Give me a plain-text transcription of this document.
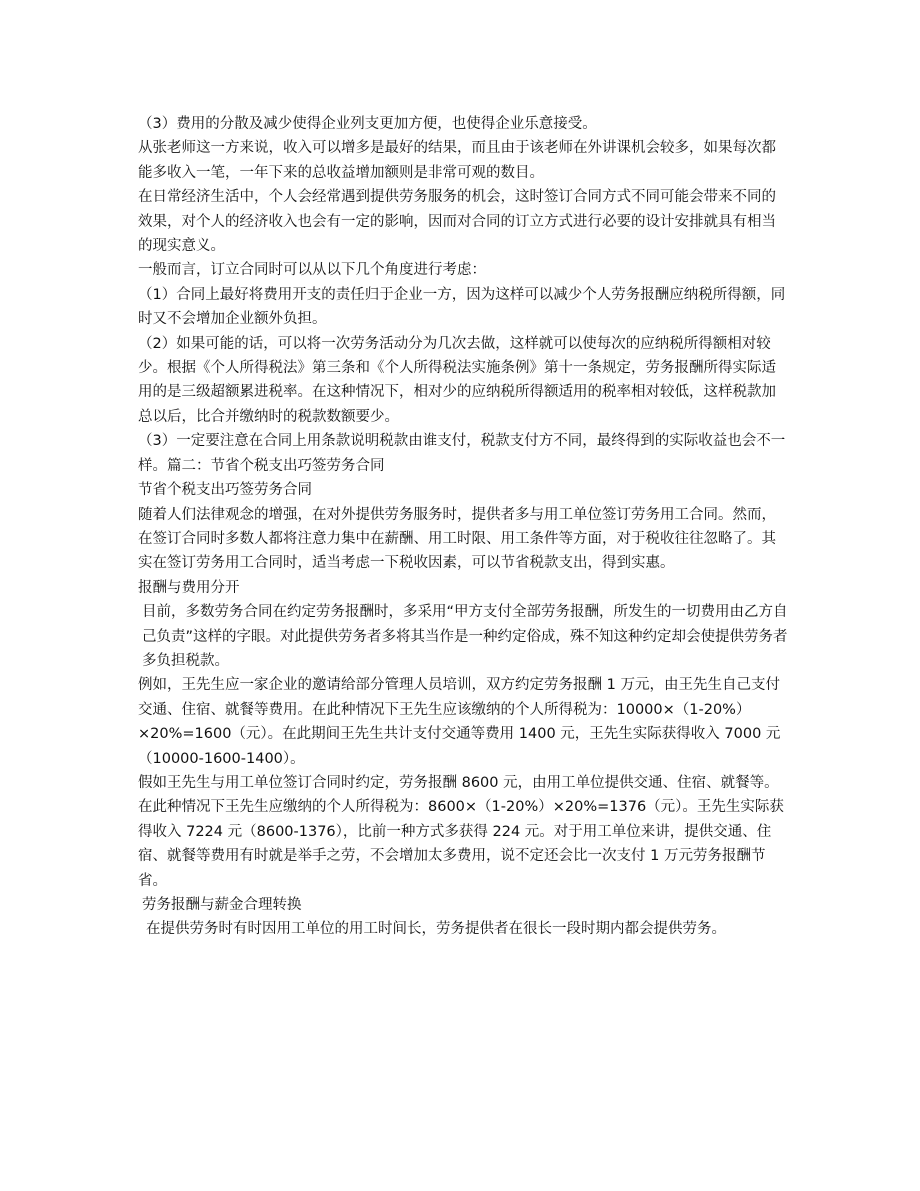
（3）费用的分散及减少使得企业列支更加方便，也使得企业乐意接受。

从张老师这一方来说，收入可以增多是最好的结果，而且由于该老师在外讲课机会较多，如果每次都能多收入一笔，一年下来的总收益增加额则是非常可观的数目。

在日常经济生活中，个人会经常遇到提供劳务服务的机会，这时签订合同方式不同可能会带来不同的效果，对个人的经济收入也会有一定的影响，因而对合同的订立方式进行必要的设计安排就具有相当的现实意义。

一般而言，订立合同时可以从以下几个角度进行考虑：

（1）合同上最好将费用开支的责任归于企业一方，因为这样可以减少个人劳务报酬应纳税所得额，同时又不会增加企业额外负担。

（2）如果可能的话，可以将一次劳务活动分为几次去做，这样就可以使每次的应纳税所得额相对较少。根据《个人所得税法》第三条和《个人所得税法实施条例》第十一条规定，劳务报酬所得实际适用的是三级超额累进税率。在这种情况下，相对少的应纳税所得额适用的税率相对较低，这样税款加总以后，比合并缴纳时的税款数额要少。

（3）一定要注意在合同上用条款说明税款由谁支付，税款支付方不同，最终得到的实际收益也会不一样。篇二：节省个税支出巧签劳务合同

节省个税支出巧签劳务合同

随着人们法律观念的增强，在对外提供劳务服务时，提供者多与用工单位签订劳务用工合同。然而，在签订合同时多数人都将注意力集中在薪酬、用工时限、用工条件等方面，对于税收往往忽略了。其实在签订劳务用工合同时，适当考虑一下税收因素，可以节省税款支出，得到实惠。

报酬与费用分开

目前，多数劳务合同在约定劳务报酬时，多采用“甲方支付全部劳务报酬，所发生的一切费用由乙方自己负责”这样的字眼。对此提供劳务者多将其当作是一种约定俗成，殊不知这种约定却会使提供劳务者多负担税款。

例如，王先生应一家企业的邀请给部分管理人员培训，双方约定劳务报酬 1 万元，由王先生自己支付交通、住宿、就餐等费用。在此种情况下王先生应该缴纳的个人所得税为：10000×（1-20%）×20%=1600（元）。在此期间王先生共计支付交通等费用 1400 元，王先生实际获得收入 7000 元（10000-1600-1400）。

假如王先生与用工单位签订合同时约定，劳务报酬 8600 元，由用工单位提供交通、住宿、就餐等。在此种情况下王先生应缴纳的个人所得税为：8600×（1-20%）×20%=1376（元）。王先生实际获得收入 7224 元（8600-1376），比前一种方式多获得 224 元。对于用工单位来讲，提供交通、住宿、就餐等费用有时就是举手之劳，不会增加太多费用，说不定还会比一次支付 1 万元劳务报酬节省。

劳务报酬与薪金合理转换

在提供劳务时有时因用工单位的用工时间长，劳务提供者在很长一段时期内都会提供劳务。
